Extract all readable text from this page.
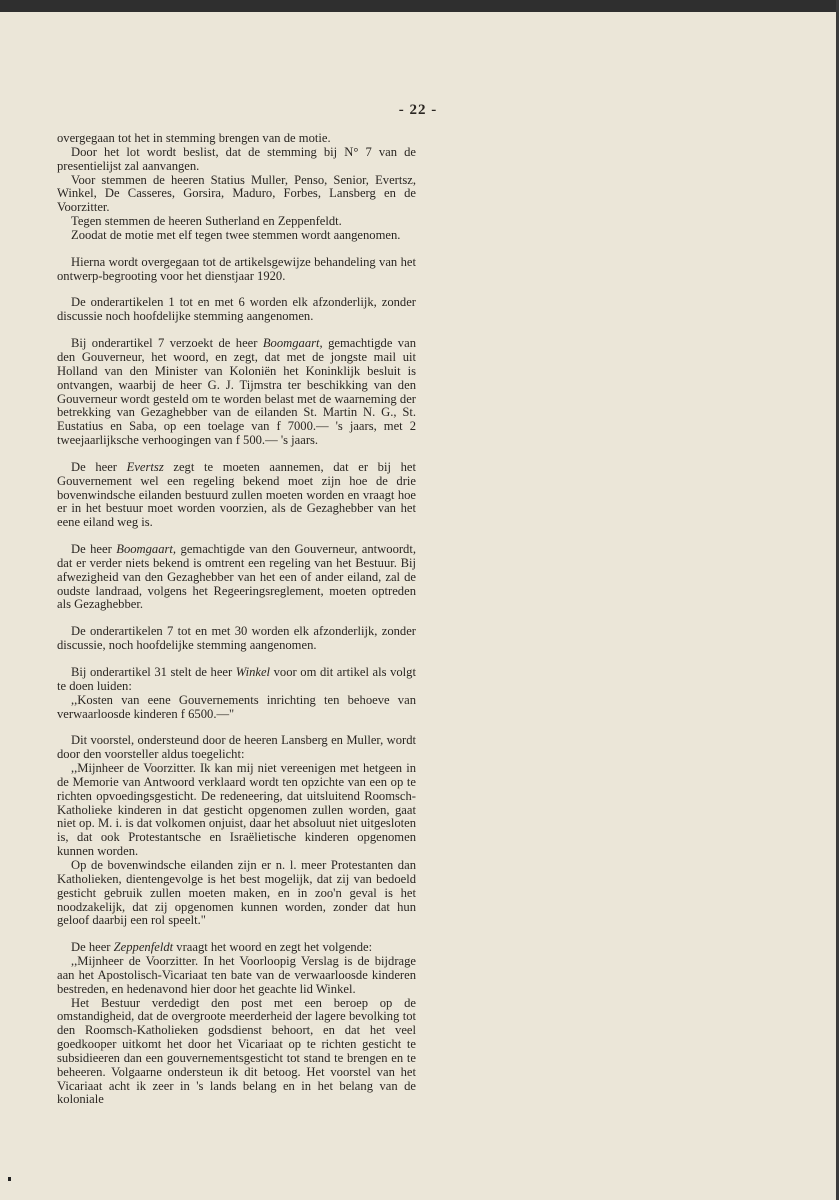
- 22 -

overgegaan tot het in stemming brengen van de motie.

Door het lot wordt beslist, dat de stemming bij N° 7 van de presentielijst zal aanvangen.

Voor stemmen de heeren Statius Muller, Penso, Senior, Evertsz, Winkel, De Casseres, Gorsira, Maduro, Forbes, Lansberg en de Voorzitter.

Tegen stemmen de heeren Sutherland en Zeppenfeldt.

Zoodat de motie met elf tegen twee stemmen wordt aangenomen.

Hierna wordt overgegaan tot de artikelsgewijze behandeling van het ontwerp-begrooting voor het dienstjaar 1920.

De onderartikelen 1 tot en met 6 worden elk afzonderlijk, zonder discussie noch hoofdelijke stemming aangenomen.

Bij onderartikel 7 verzoekt de heer Boomgaart, gemachtigde van den Gouverneur, het woord, en zegt, dat met de jongste mail uit Holland van den Minister van Koloniën het Koninklijk besluit is ontvangen, waarbij de heer G. J. Tijmstra ter beschikking van den Gouverneur wordt gesteld om te worden belast met de waarneming der betrekking van Gezaghebber van de eilanden St. Martin N. G., St. Eustatius en Saba, op een toelage van f 7000.— 's jaars, met 2 tweejaarlijksche verhoogingen van f 500.— 's jaars.

De heer Evertsz zegt te moeten aannemen, dat er bij het Gouvernement wel een regeling bekend moet zijn hoe de drie bovenwindsche eilanden bestuurd zullen moeten worden en vraagt hoe er in het bestuur moet worden voorzien, als de Gezaghebber van het eene eiland weg is.

De heer Boomgaart, gemachtigde van den Gouverneur, antwoordt, dat er verder niets bekend is omtrent een regeling van het Bestuur. Bij afwezigheid van den Gezaghebber van het een of ander eiland, zal de oudste landraad, volgens het Regeeringsreglement, moeten optreden als Gezaghebber.

De onderartikelen 7 tot en met 30 worden elk afzonderlijk, zonder discussie, noch hoofdelijke stemming aangenomen.

Bij onderartikel 31 stelt de heer Winkel voor om dit artikel als volgt te doen luiden:

,,Kosten van eene Gouvernements inrichting ten behoeve van verwaarloosde kinderen f 6500.—"

Dit voorstel, ondersteund door de heeren Lansberg en Muller, wordt door den voorsteller aldus toegelicht:

,,Mijnheer de Voorzitter. Ik kan mij niet vereenigen met hetgeen in de Memorie van Antwoord verklaard wordt ten opzichte van een op te richten opvoedingsgesticht. De redeneering, dat uitsluitend Roomsch-Katholieke kinderen in dat gesticht opgenomen zullen worden, gaat niet op. M. i. is dat volkomen onjuist, daar het absoluut niet uitgesloten is, dat ook Protestantsche en Israëlietische kinderen opgenomen kunnen worden.

Op de bovenwindsche eilanden zijn er n. l. meer Protestanten dan Katholieken, dientengevolge is het best mogelijk, dat zij van bedoeld gesticht gebruik zullen moeten maken, en in zoo'n geval is het noodzakelijk, dat zij opgenomen kunnen worden, zonder dat hun geloof daarbij een rol speelt."

De heer Zeppenfeldt vraagt het woord en zegt het volgende:

,,Mijnheer de Voorzitter. In het Voorloopig Verslag is de bijdrage aan het Apostolisch-Vicariaat ten bate van de verwaarloosde kinderen bestreden, en hedenavond hier door het geachte lid Winkel.

Het Bestuur verdedigt den post met een beroep op de omstandigheid, dat de overgroote meerderheid der lagere bevolking tot den Roomsch-Katholieken godsdienst behoort, en dat het veel goedkooper uitkomt het door het Vicariaat op te richten gesticht te subsidieeren dan een gouvernementsgesticht tot stand te brengen en te beheeren. Volgaarne ondersteun ik dit betoog. Het voorstel van het Vicariaat acht ik zeer in 's lands belang en in het belang van de koloniale
